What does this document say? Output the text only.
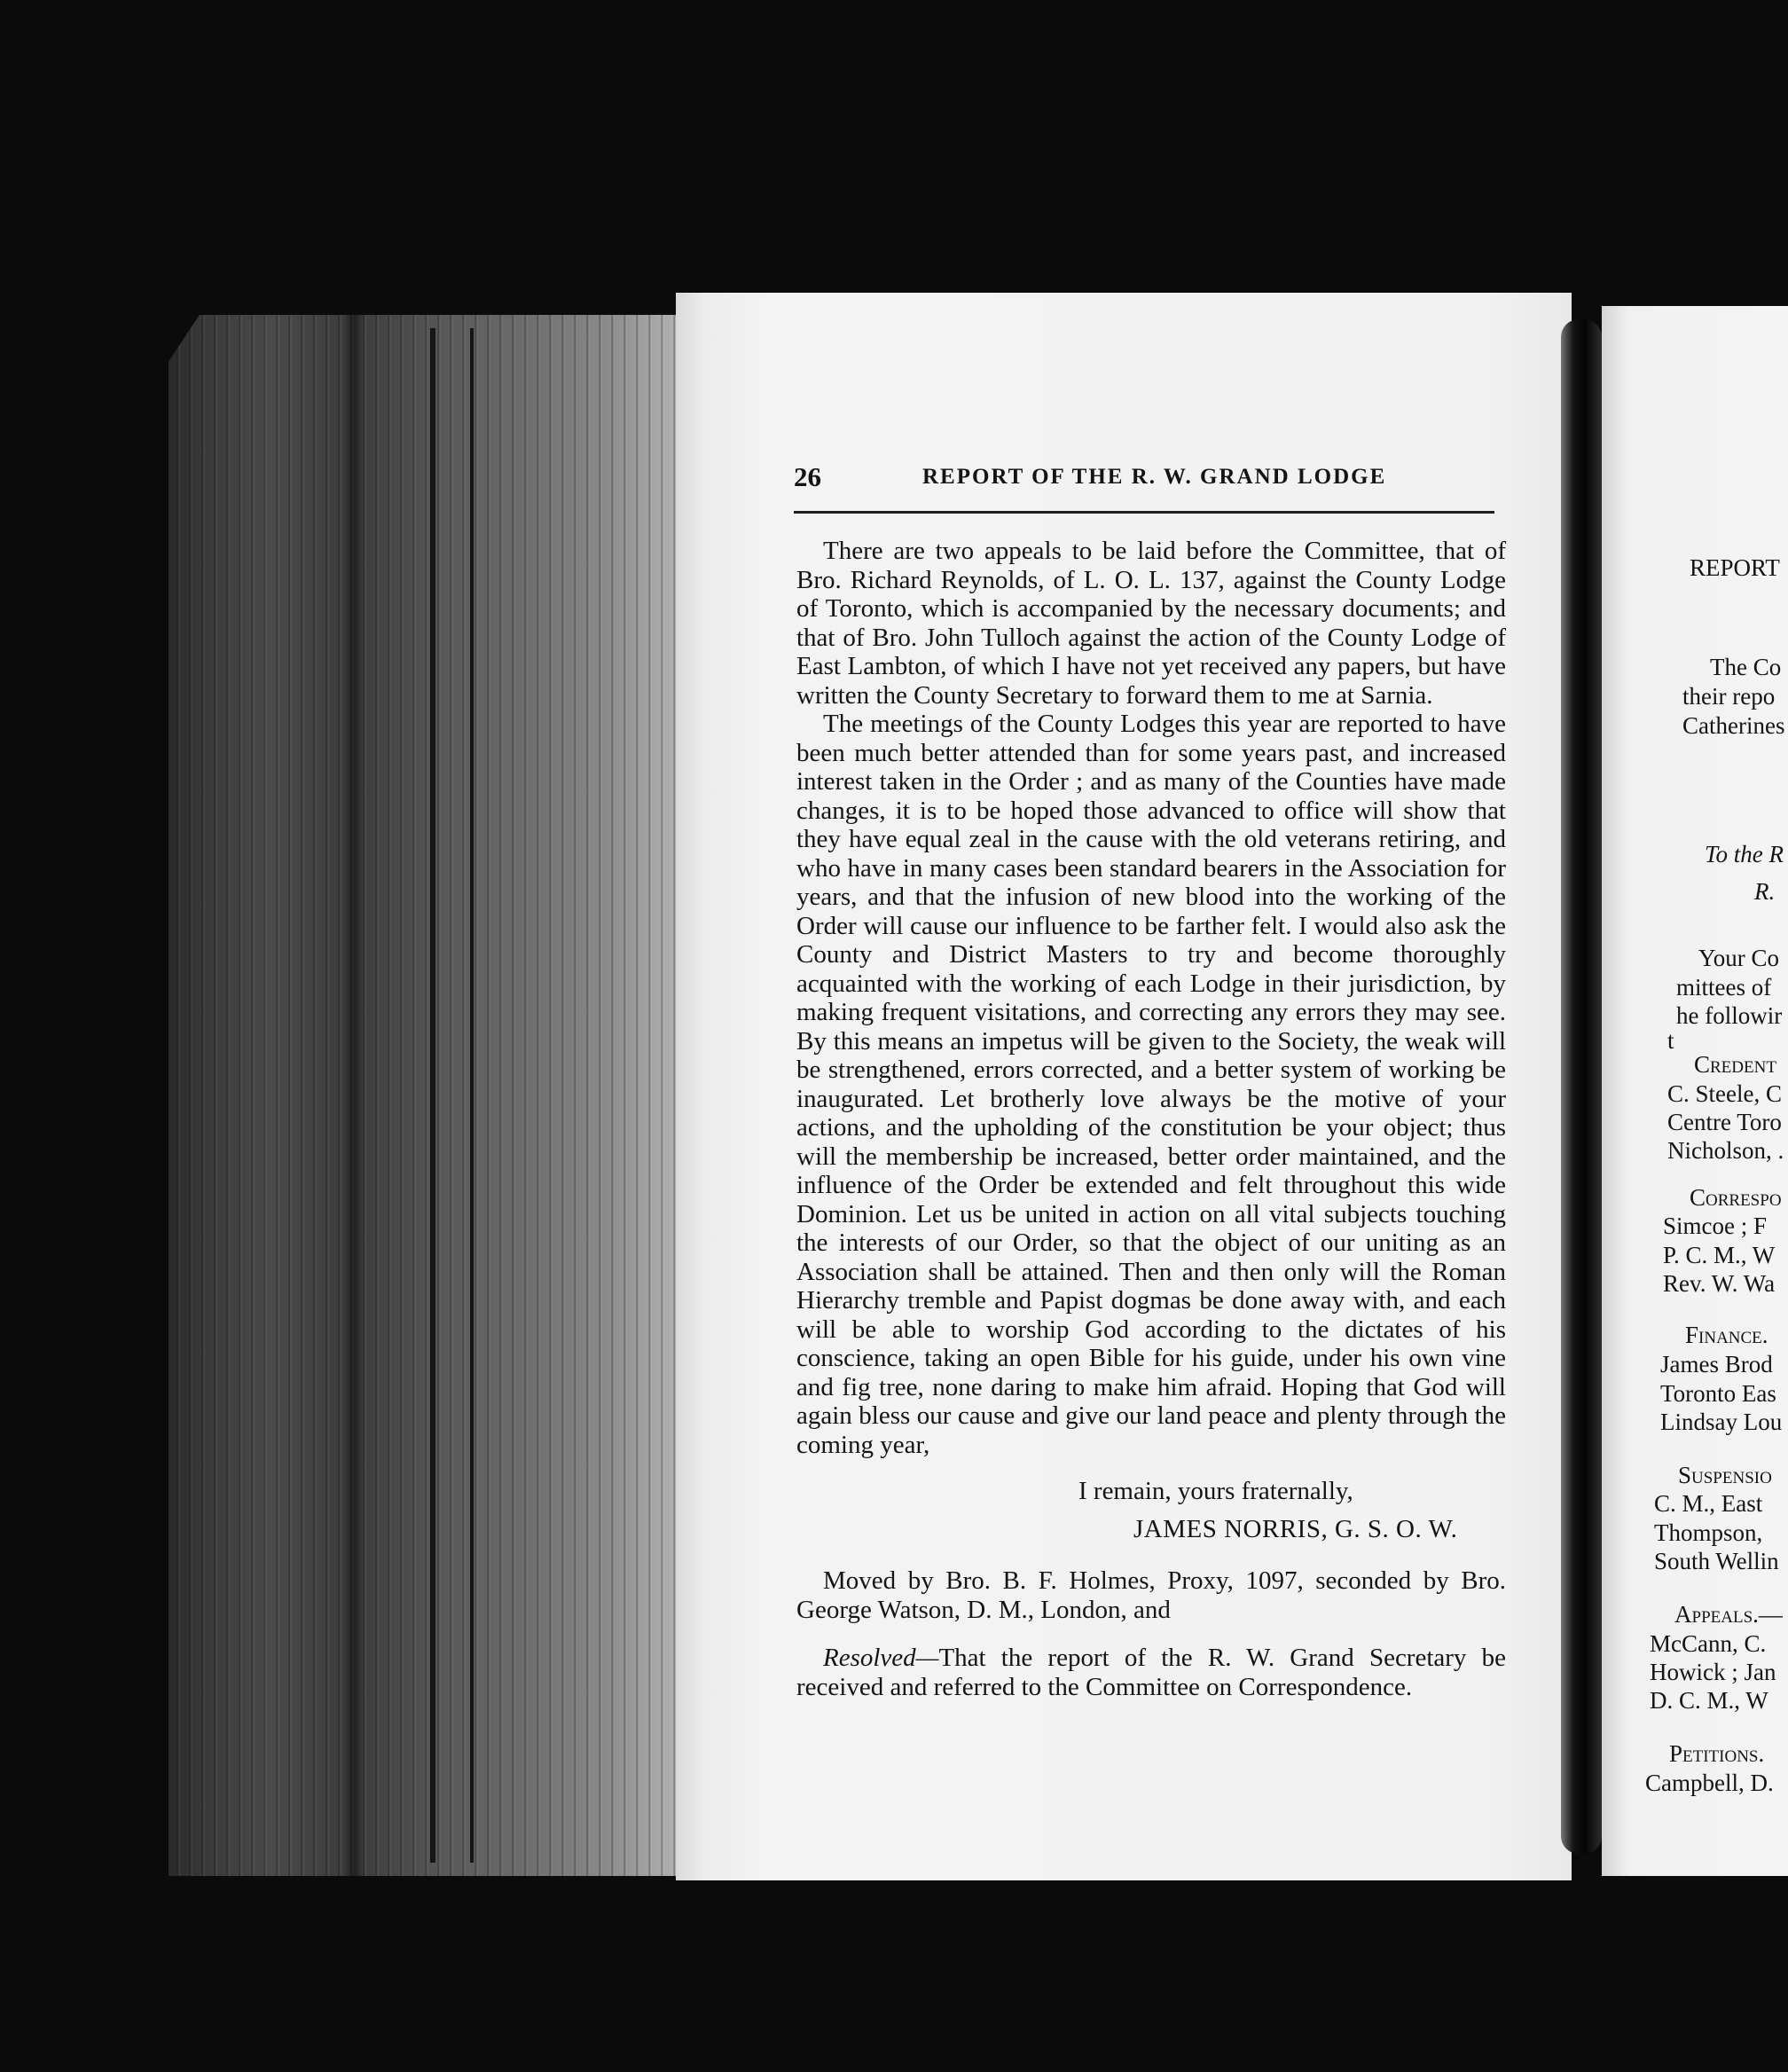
26	REPORT OF THE R. W. GRAND LODGE

There are two appeals to be laid before the Committee, that of Bro. Richard Reynolds, of L. O. L. 137, against the County Lodge of Toronto, which is accompanied by the necessary documents; and that of Bro. John Tulloch against the action of the County Lodge of East Lambton, of which I have not yet received any papers, but have written the County Secretary to forward them to me at Sarnia.

The meetings of the County Lodges this year are reported to have been much better attended than for some years past, and increased interest taken in the Order ; and as many of the Counties have made changes, it is to be hoped those advanced to office will show that they have equal zeal in the cause with the old veterans retiring, and who have in many cases been standard bearers in the Association for years, and that the infusion of new blood into the working of the Order will cause our influence to be farther felt. I would also ask the County and District Masters to try and become thoroughly acquainted with the working of each Lodge in their jurisdiction, by making frequent visitations, and correcting any errors they may see. By this means an impetus will be given to the Society, the weak will be strengthened, errors corrected, and a better system of working be inaugurated. Let brotherly love always be the motive of your actions, and the upholding of the constitution be your object; thus will the membership be increased, better order maintained, and the influence of the Order be extended and felt throughout this wide Dominion. Let us be united in action on all vital subjects touching the interests of our Order, so that the object of our uniting as an Association shall be attained. Then and then only will the Roman Hierarchy tremble and Papist dogmas be done away with, and each will be able to worship God according to the dictates of his conscience, taking an open Bible for his guide, under his own vine and fig tree, none daring to make him afraid. Hoping that God will again bless our cause and give our land peace and plenty through the coming year,

I remain, yours fraternally,

JAMES NORRIS, G. S. O. W.

Moved by Bro. B. F. Holmes, Proxy, 1097, seconded by Bro. George Watson, D. M., London, and

Resolved—That the report of the R. W. Grand Secretary be received and referred to the Committee on Correspondence.

REPORT
The Co
their repo
Catherines
To the R
R.
Your Co
mittees of
he followir
t
Credent
C. Steele, C
Centre Toro
Nicholson, .
Correspo
Simcoe ; F
P. C. M., W
Rev. W. Wa
Finance.
James Brod
Toronto Eas
Lindsay Lou
Suspensio
C. M., East
Thompson,
South Wellin
Appeals.—
McCann, C.
Howick ; Jan
D. C. M., W
Petitions.
Campbell, D.
